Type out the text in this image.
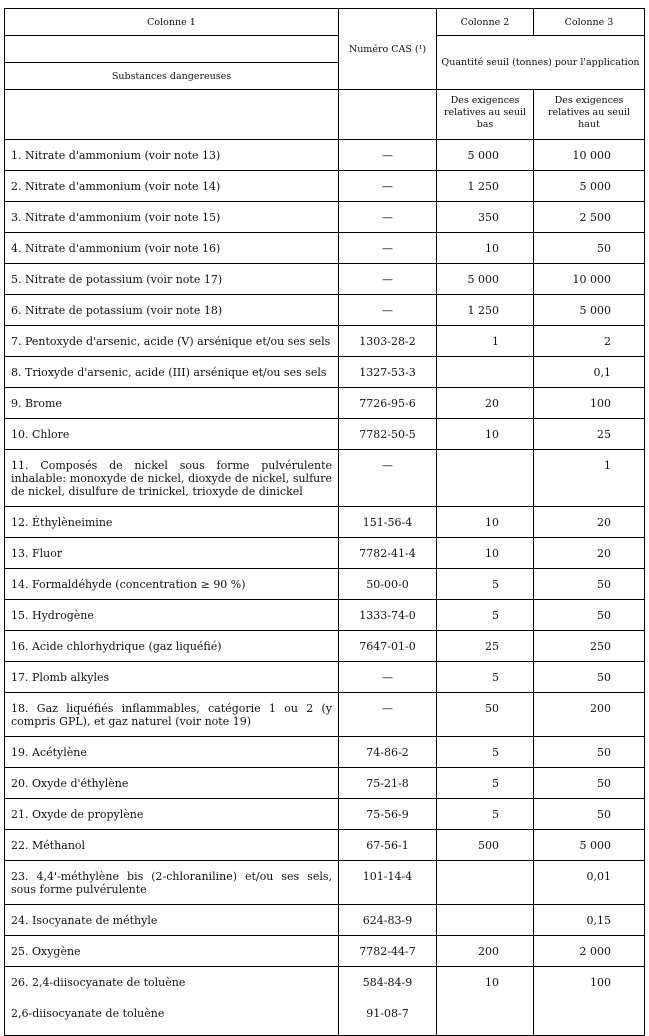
Colonne 1	Numéro CAS (¹)	Colonne 2	Colonne 3
		Quantité seuil (tonnes) pour l'application	
Substances dangereuses			
		Des exigences relatives au seuil bas	Des exigences relatives au seuil haut
1. Nitrate d'ammonium (voir note 13)	—	5 000	10 000
2. Nitrate d'ammonium (voir note 14)	—	1 250	5 000
3. Nitrate d'ammonium (voir note 15)	—	350	2 500
4. Nitrate d'ammonium (voir note 16)	—	10	50
5. Nitrate de potassium (voir note 17)	—	5 000	10 000
6. Nitrate de potassium (voir note 18)	—	1 250	5 000
7. Pentoxyde d'arsenic, acide (V) arsénique et/ou ses sels	1303-28-2	1	2
8. Trioxyde d'arsenic, acide (III) arsénique et/ou ses sels	1327-53-3		0,1
9. Brome	7726-95-6	20	100
10. Chlore	7782-50-5	10	25
11. Composés de nickel sous forme pulvérulente inhalable: monoxyde de nickel, dioxyde de nickel, sulfure de nickel, disulfure de trinickel, trioxyde de dinickel	—		1
12. Éthylèneimine	151-56-4	10	20
13. Fluor	7782-41-4	10	20
14. Formaldéhyde (concentration ≥ 90 %)	50-00-0	5	50
15. Hydrogène	1333-74-0	5	50
16. Acide chlorhydrique (gaz liquéfié)	7647-01-0	25	250
17. Plomb alkyles	—	5	50
18. Gaz liquéfiés inflammables, catégorie 1 ou 2 (y compris GPL), et gaz naturel (voir note 19)	—	50	200
19. Acétylène	74-86-2	5	50
20. Oxyde d'éthylène	75-21-8	5	50
21. Oxyde de propylène	75-56-9	5	50
22. Méthanol	67-56-1	500	5 000
23. 4,4'-méthylène bis (2-chloraniline) et/ou ses sels, sous forme pulvérulente	101-14-4		0,01
24. Isocyanate de méthyle	624-83-9		0,15
25. Oxygène	7782-44-7	200	2 000
26. 2,4-diisocyanate de toluène	584-84-9	10	100
2,6-diisocyanate de toluène	91-08-7		
